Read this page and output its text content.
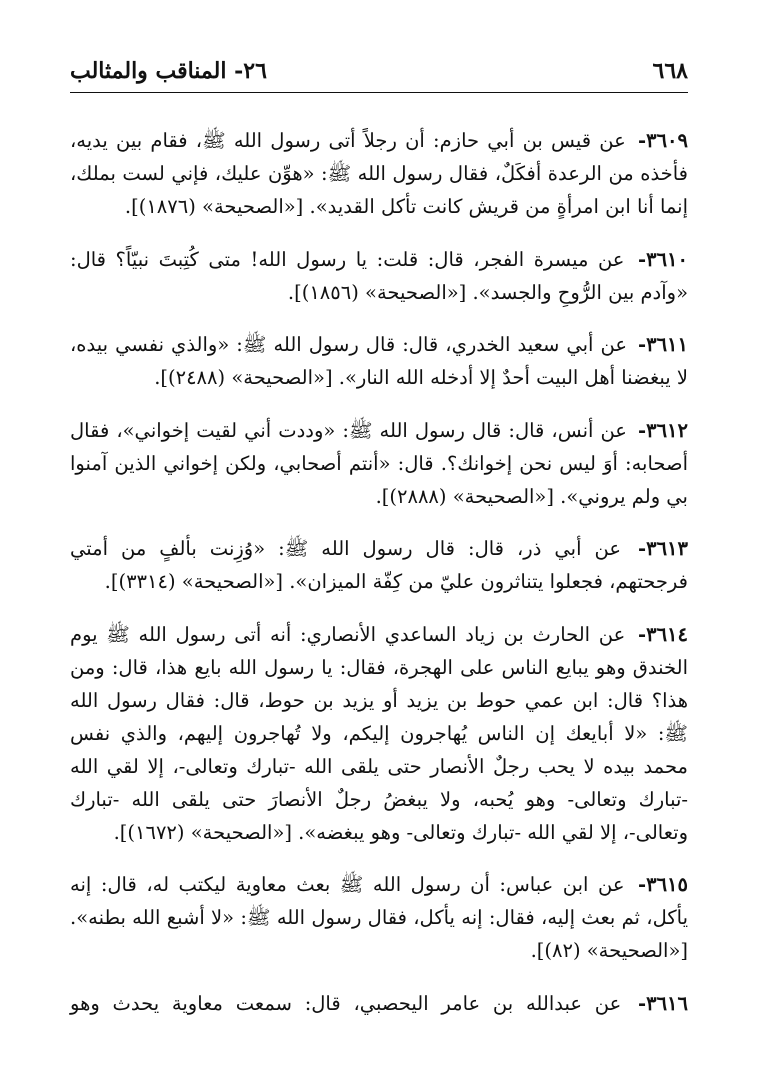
٦٦٨
٢٦- المناقب والمثالب

٣٦٠٩- عن قيس بن أبي حازم: أن رجلاً أتى رسول الله ﷺ، فقام بين يديه، فأخذه من الرعدة أفكَلٌ، فقال رسول الله ﷺ: «هوِّن عليك، فإني لست بملك، إنما أنا ابن امرأةٍ من قريش كانت تأكل القديد». [«الصحيحة» (١٨٧٦)].

٣٦١٠- عن ميسرة الفجر، قال: قلت: يا رسول الله! متى كُتِبتَ نبيّاً؟ قال: «وآدم بين الرُّوحِ والجسد». [«الصحيحة» (١٨٥٦)].

٣٦١١- عن أبي سعيد الخدري، قال: قال رسول الله ﷺ: «والذي نفسي بيده، لا يبغضنا أهل البيت أحدٌ إلا أدخله الله النار». [«الصحيحة» (٢٤٨٨)].

٣٦١٢- عن أنس، قال: قال رسول الله ﷺ: «وددت أني لقيت إخواني»، فقال أصحابه: أوَ ليس نحن إخوانك؟. قال: «أنتم أصحابي، ولكن إخواني الذين آمنوا بي ولم يروني». [«الصحيحة» (٢٨٨٨)].

٣٦١٣- عن أبي ذر، قال: قال رسول الله ﷺ: «وُزِنت بألفٍ من أمتي فرجحتهم، فجعلوا يتناثرون عليّ من كِفّة الميزان». [«الصحيحة» (٣٣١٤)].

٣٦١٤- عن الحارث بن زياد الساعدي الأنصاري: أنه أتى رسول الله ﷺ يوم الخندق وهو يبايع الناس على الهجرة، فقال: يا رسول الله بايع هذا، قال: ومن هذا؟ قال: ابن عمي حوط بن يزيد أو يزيد بن حوط، قال: فقال رسول الله ﷺ: «لا أبايعك إن الناس يُهاجرون إليكم، ولا تُهاجرون إليهم، والذي نفس محمد بيده لا يحب رجلٌ الأنصار حتى يلقى الله -تبارك وتعالى-، إلا لقي الله -تبارك وتعالى- وهو يُحبه، ولا يبغضُ رجلٌ الأنصارَ حتى يلقى الله -تبارك وتعالى-، إلا لقي الله -تبارك وتعالى- وهو يبغضه». [«الصحيحة» (١٦٧٢)].

٣٦١٥- عن ابن عباس: أن رسول الله ﷺ بعث معاوية ليكتب له، قال: إنه يأكل، ثم بعث إليه، فقال: إنه يأكل، فقال رسول الله ﷺ: «لا أشبع الله بطنه». [«الصحيحة» (٨٢)].

٣٦١٦- عن عبدالله بن عامر اليحصبي، قال: سمعت معاوية يحدث وهو
